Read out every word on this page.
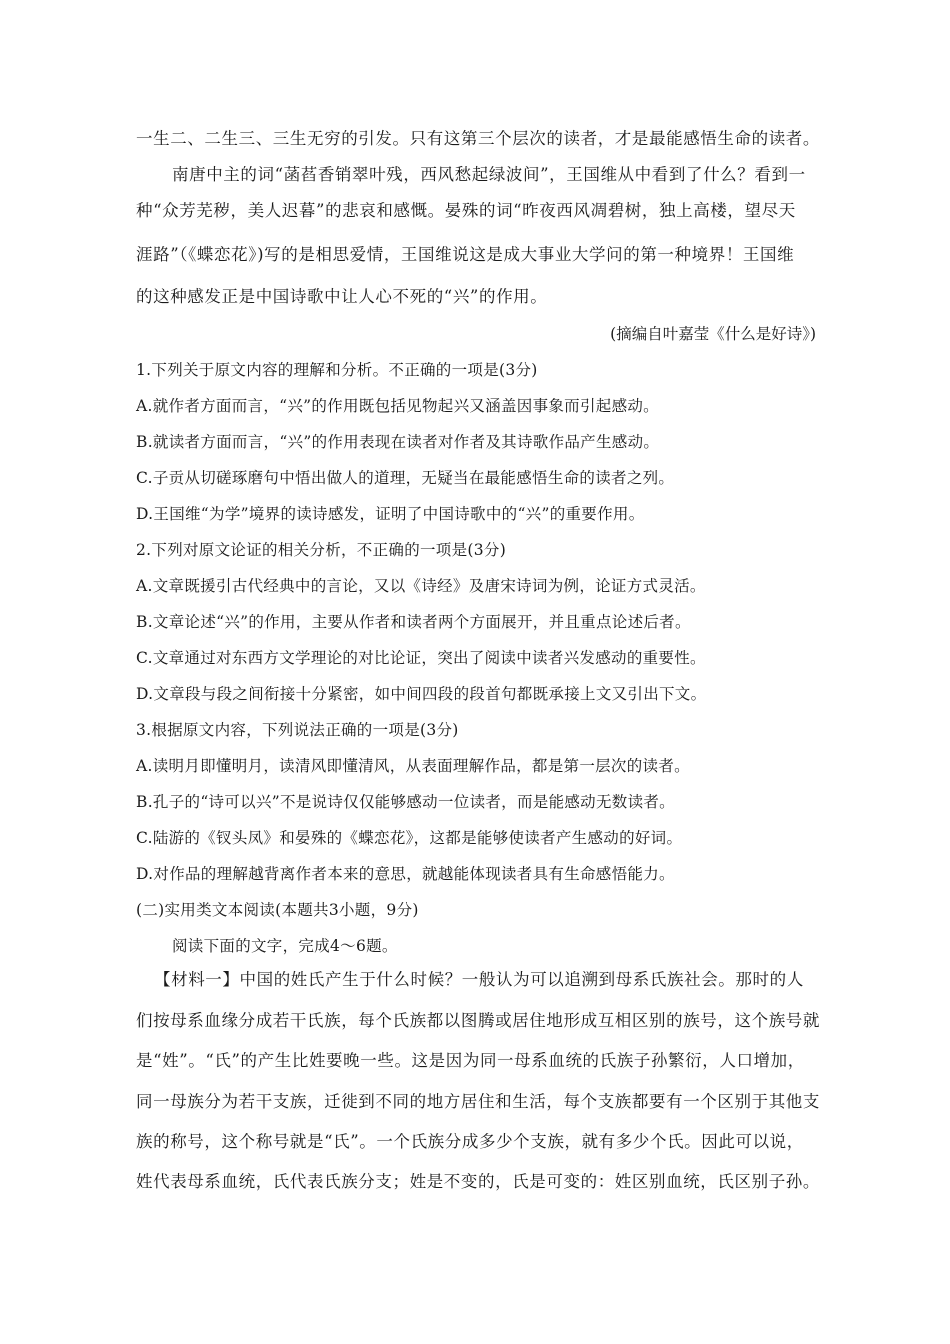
一生二、二生三、三生无穷的引发。只有这第三个层次的读者，才是最能感悟生命的读者。
南唐中主的词“菡萏香销翠叶残，西风愁起绿波间”，王国维从中看到了什么？看到一
种“众芳芜秽，美人迟暮”的悲哀和感慨。晏殊的词“昨夜西风凋碧树，独上高楼，望尽天
涯路”（《蝶恋花》)写的是相思爱情，王国维说这是成大事业大学问的第一种境界！王国维
的这种感发正是中国诗歌中让人心不死的“兴”的作用。
(摘编自叶嘉莹《什么是好诗》)
1.下列关于原文内容的理解和分析。不正确的一项是(3分)
A.就作者方面而言，“兴”的作用既包括见物起兴又涵盖因事象而引起感动。
B.就读者方面而言，“兴”的作用表现在读者对作者及其诗歌作品产生感动。
C.子贡从切磋琢磨句中悟出做人的道理，无疑当在最能感悟生命的读者之列。
D.王国维“为学”境界的读诗感发，证明了中国诗歌中的“兴”的重要作用。
2.下列对原文论证的相关分析，不正确的一项是(3分)
A.文章既援引古代经典中的言论，又以《诗经》及唐宋诗词为例，论证方式灵活。
B.文章论述“兴”的作用，主要从作者和读者两个方面展开，并且重点论述后者。
C.文章通过对东西方文学理论的对比论证，突出了阅读中读者兴发感动的重要性。
D.文章段与段之间衔接十分紧密，如中间四段的段首句都既承接上文又引出下文。
3.根据原文内容，下列说法正确的一项是(3分)
A.读明月即懂明月，读清风即懂清风，从表面理解作品，都是第一层次的读者。
B.孔子的“诗可以兴”不是说诗仅仅能够感动一位读者，而是能感动无数读者。
C.陆游的《钗头凤》和晏殊的《蝶恋花》，这都是能够使读者产生感动的好词。
D.对作品的理解越背离作者本来的意思，就越能体现读者具有生命感悟能力。
(二)实用类文本阅读(本题共3小题，9分)
阅读下面的文字，完成4～6题。
【材料一】中国的姓氏产生于什么时候？一般认为可以追溯到母系氏族社会。那时的人
们按母系血缘分成若干氏族，每个氏族都以图腾或居住地形成互相区别的族号，这个族号就
是“姓”。“氏”的产生比姓要晚一些。这是因为同一母系血统的氏族子孙繁衍，人口增加，
同一母族分为若干支族，迁徙到不同的地方居住和生活，每个支族都要有一个区别于其他支
族的称号，这个称号就是“氏”。一个氏族分成多少个支族，就有多少个氏。因此可以说，
姓代表母系血统，氏代表氏族分支；姓是不变的，氏是可变的：姓区别血统，氏区别子孙。
